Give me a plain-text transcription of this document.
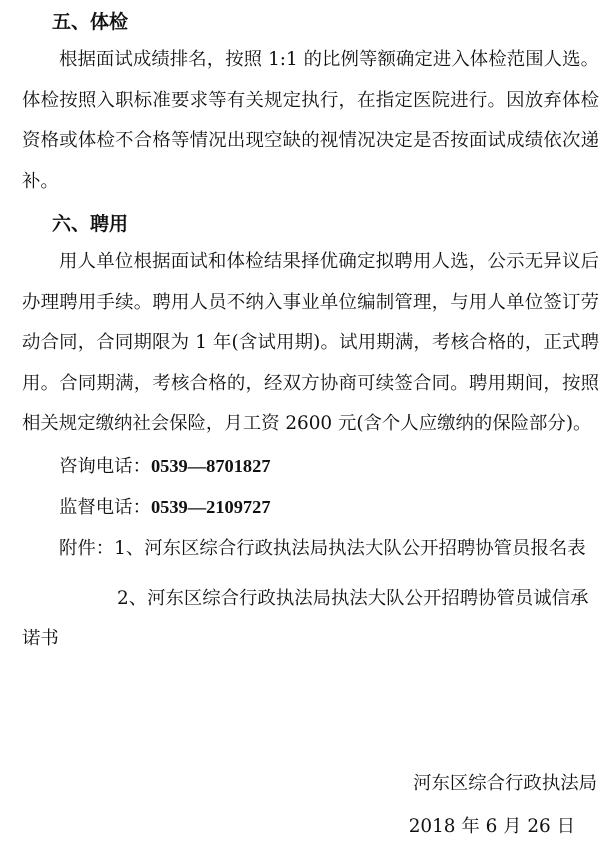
五、体检

根据面试成绩排名，按照 1:1 的比例等额确定进入体检范围人选。体检按照入职标准要求等有关规定执行，在指定医院进行。因放弃体检资格或体检不合格等情况出现空缺的视情况决定是否按面试成绩依次递补。

六、聘用

用人单位根据面试和体检结果择优确定拟聘用人选，公示无异议后办理聘用手续。聘用人员不纳入事业单位编制管理，与用人单位签订劳动合同，合同期限为 1 年(含试用期)。试用期满，考核合格的，正式聘用。合同期满，考核合格的，经双方协商可续签合同。聘用期间，按照相关规定缴纳社会保险，月工资 2600 元(含个人应缴纳的保险部分)。

咨询电话：0539—8701827
监督电话：0539—2109727

附件：1、河东区综合行政执法局执法大队公开招聘协管员报名表

2、河东区综合行政执法局执法大队公开招聘协管员诚信承诺书

河东区综合行政执法局
2018 年 6 月 26 日
